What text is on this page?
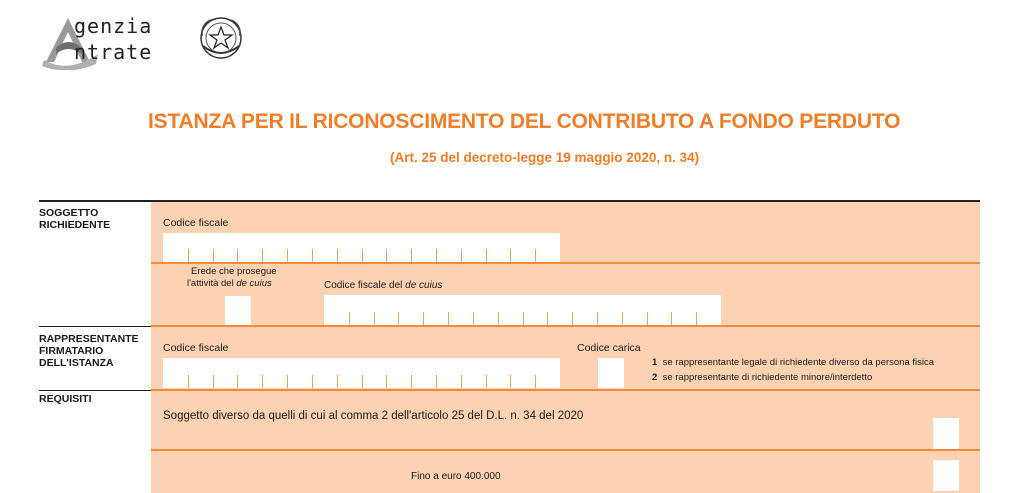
genzia
ntrate
ISTANZA PER IL RICONOSCIMENTO DEL CONTRIBUTO A FONDO PERDUTO
(Art. 25 del decreto-legge 19 maggio 2020, n. 34)
SOGGETTO
RICHIEDENTE	Codice fiscale
Erede che prosegue
l'attività del de cuius	Codice fiscale del de cuius
RAPPRESENTANTE
FIRMATARIO
DELL'ISTANZA
Codice fiscale	Codice carica
1 se rappresentante legale di richiedente diverso da persona fisica
2 se rappresentante di richiedente minore/interdetto
REQUISITI
Soggetto diverso da quelli di cui al comma 2 dell'articolo 25 del D.L. n. 34 del 2020
Fino a euro 400.000
